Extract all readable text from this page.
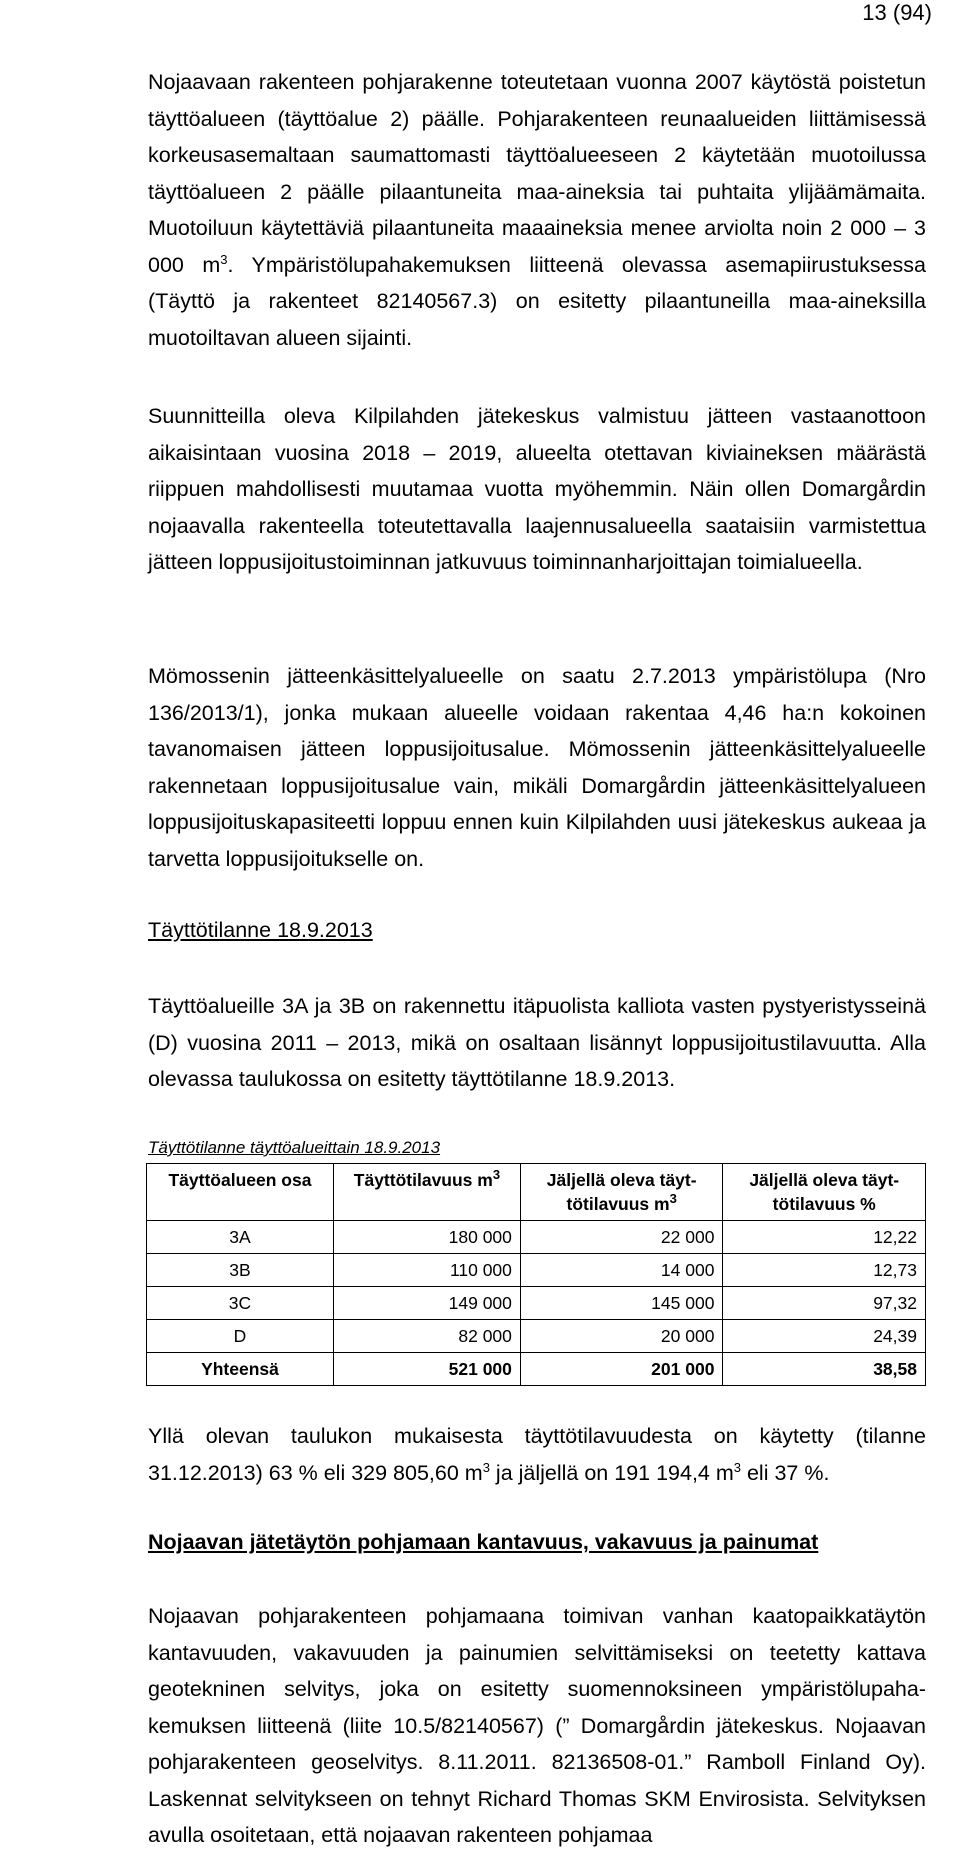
13 (94)

Nojaavaan rakenteen pohjarakenne toteutetaan vuonna 2007 käytöstä poistetun täyttöalueen (täyttöalue 2) päälle. Pohjarakenteen reunaalueiden liittämisessä korkeusasemaltaan saumattomasti täyttöalueeseen 2 käytetään muotoilussa täyttöalueen 2 päälle pilaantuneita maa-aineksia tai puhtaita ylijäämämaita. Muotoiluun käytettäviä pilaantuneita maaaineksia menee arviolta noin 2 000 – 3 000 $m^3$. Ympäristölupahakemuksen liitteenä olevassa asemapiirustuksessa (Täyttö ja rakenteet 82140567.3) on esitetty pilaantuneilla maa-aineksilla muotoiltavan alueen sijainti.

Suunnitteilla oleva Kilpilahden jätekeskus valmistuu jätteen vastaanottoon aikaisintaan vuosina 2018 – 2019, alueelta otettavan kiviaineksen määrästä riippuen mahdollisesti muutamaa vuotta myöhemmin. Näin ollen Domargårdin nojaavalla rakenteella toteutettavalla laajennusalueella saataisiin varmistettua jätteen loppusijoitustoiminnan jatkuvuus toiminnanharjoittajan toimialueella.

Mömossenin jätteenkäsittelyalueelle on saatu 2.7.2013 ympäristölupa (Nro 136/2013/1), jonka mukaan alueelle voidaan rakentaa 4,46 ha:n kokoinen tavanomaisen jätteen loppusijoitusalue. Mömossenin jätteenkäsittelyalueelle rakennetaan loppusijoitusalue vain, mikäli Domargårdin jätteenkäsittelyalueen loppusijoituskapasiteetti loppuu ennen kuin Kilpilahden uusi jätekeskus aukeaa ja tarvetta loppusijoitukselle on.

Täyttötilanne 18.9.2013

Täyttöalueille 3A ja 3B on rakennettu itäpuolista kalliota vasten pystyeristysseinä (D) vuosina 2011 – 2013, mikä on osaltaan lisännyt loppusijoitustilavuutta. Alla olevassa taulukossa on esitetty täyttötilanne 18.9.2013.

Täyttötilanne täyttöalueittain 18.9.2013
Täyttöalueen osa	Täyttötilavuus $m^3$	Jäljellä oleva täyttötilavuus $m^3$	Jäljellä oleva täyttötilavuus %
3A	180 000	22 000	12,22
3B	110 000	14 000	12,73
3C	149 000	145 000	97,32
D	82 000	20 000	24,39
Yhteensä	521 000	201 000	38,58

Yllä olevan taulukon mukaisesta täyttötilavuudesta on käytetty (tilanne 31.12.2013) 63 % eli 329 805,60 $m^3$ ja jäljellä on 191 194,4 $m^3$ eli 37 %.

Nojaavan jätetäytön pohjamaan kantavuus, vakavuus ja painumat

Nojaavan pohjarakenteen pohjamaana toimivan vanhan kaatopaikkatäytön kantavuuden, vakavuuden ja painumien selvittämiseksi on teetetty kattava geotekninen selvitys, joka on esitetty suomennoksineen ympäristölupahakemuksen liitteenä (liite 10.5/82140567) (” Domargårdin jätekeskus. Nojaavan pohjarakenteen geoselvitys. 8.11.2011. 82136508-01.” Ramboll Finland Oy). Laskennat selvitykseen on tehnyt Richard Thomas SKM Envirosista. Selvityksen avulla osoitetaan, että nojaavan rakenteen pohjamaa
